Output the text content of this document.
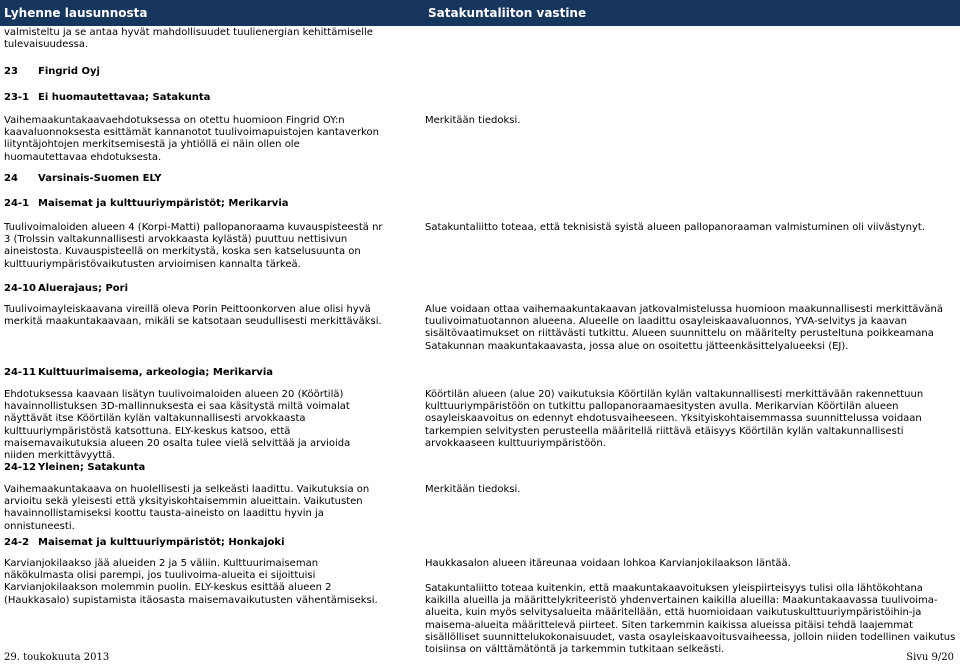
Lyhenne lausunnosta	Satakuntaliiton vastine

valmisteltu ja se antaa hyvät mahdollisuudet tuulienergian kehittämiselle tulevaisuudessa.

23 Fingrid Oyj
23-1 Ei huomautettavaa; Satakunta

Vaihemaakuntakaavaehdotuksessa on otettu huomioon Fingrid OY:n kaavaluonnoksesta esittämät kannanotot tuulivoimapuistojen kantaverkon liityntäjohtojen merkitsemisestä ja yhtiöllä ei näin ollen ole huomautettavaa ehdotuksesta.

Merkitään tiedoksi.

24 Varsinais-Suomen ELY
24-1 Maisemat ja kulttuuriympäristöt; Merikarvia

Tuulivoimaloiden alueen 4 (Korpi-Matti) pallopanoraama kuvauspisteestä nr 3 (Trolssin valtakunnallisesti arvokkaasta kylästä) puuttuu nettisivun aineistosta. Kuvauspisteellä on merkitystä, koska sen katselusuunta on kulttuuriympäristövaikutusten arvioimisen kannalta tärkeä.

Satakuntaliitto toteaa, että teknisistä syistä alueen pallopanoraaman valmistuminen oli viivästynyt.

24-10 Aluerajaus; Pori

Tuulivoimayleiskaavana vireillä oleva Porin Peittoonkorven alue olisi hyvä merkitä maakuntakaavaan, mikäli se katsotaan seudullisesti merkittäväksi.

Alue voidaan ottaa vaihemaakuntakaavan jatkovalmistelussa huomioon maakunnallisesti merkittävänä tuulivoimatuotannon alueena. Alueelle on laadittu osayleiskaavaluonnos, YVA-selvitys ja kaavan sisältövaatimukset on riittävästi tutkittu. Alueen suunnittelu on määritelty perusteltuna poikkeamana Satakunnan maakuntakaavasta, jossa alue on osoitettu jätteenkäsittelyalueeksi (EJ).

24-11 Kulttuurimaisema, arkeologia; Merikarvia

Ehdotuksessa kaavaan lisätyn tuulivoimaloiden alueen 20 (Köörtilä) havainnollistuksen 3D-mallinnuksesta ei saa käsitystä miltä voimalat näyttävät itse Köörtilän kylän valtakunnallisesti arvokkaasta kulttuuriympäristöstä katsottuna. ELY-keskus katsoo, että maisemavaikutuksia alueen 20 osalta tulee vielä selvittää ja arvioida niiden merkittävyyttä.

Köörtilän alueen (alue 20) vaikutuksia Köörtilän kylän valtakunnallisesti merkittävään rakennettuun kulttuuriympäristöön on tutkittu pallopanoraamaesitysten avulla. Merikarvian Köörtilän alueen osayleiskaavoitus on edennyt ehdotusvaiheeseen. Yksityiskohtaisemmassa suunnittelussa voidaan tarkempien selvitysten perusteella määritellä riittävä etäisyys Köörtilän kylän valtakunnallisesti arvokkaaseen kulttuuriympäristöön.

24-12 Yleinen; Satakunta

Vaihemaakuntakaava on huolellisesti ja selkeästi laadittu. Vaikutuksia on arvioitu sekä yleisesti että yksityiskohtaisemmin alueittain. Vaikutusten havainnollistamiseksi koottu tausta-aineisto on laadittu hyvin ja onnistuneesti.

Merkitään tiedoksi.

24-2 Maisemat ja kulttuuriympäristöt; Honkajoki

Karvianjokilaakso jää alueiden 2 ja 5 väliin. Kulttuurimaiseman näkökulmasta olisi parempi, jos tuulivoima-alueita ei sijoittuisi Karvianjokilaakson molemmin puolin. ELY-keskus esittää alueen 2 (Haukkasalo) supistamista itäosasta maisemavaikutusten vähentämiseksi.

Haukkasalon alueen itäreunaa voidaan lohkoa Karvianjokilaakson läntää.

Satakuntaliitto toteaa kuitenkin, että maakuntakaavoituksen yleispiirteisyys tulisi olla lähtökohtana kaikilla alueilla ja määrittelykriteeristö yhdenvertainen kaikilla alueilla: Maakuntakaavassa tuulivoima-alueita, kuin myös selvitysalueita määritellään, että huomioidaan vaikutuskulttuuriympäristöihin-ja maisema-alueita määrittelevä piirteet. Siten tarkemmin kaikissa alueissa pitäisi tehdä laajemmat sisällölliset suunnittelukokonaisuudet, vasta osayleiskaavoitusvaiheessa, jolloin niiden todellinen vaikutus toisiinsa on välttämätöntä ja tarkemmin tutkitaan selkeästi.

29. toukokuuta 2013	Sivu 9/20
